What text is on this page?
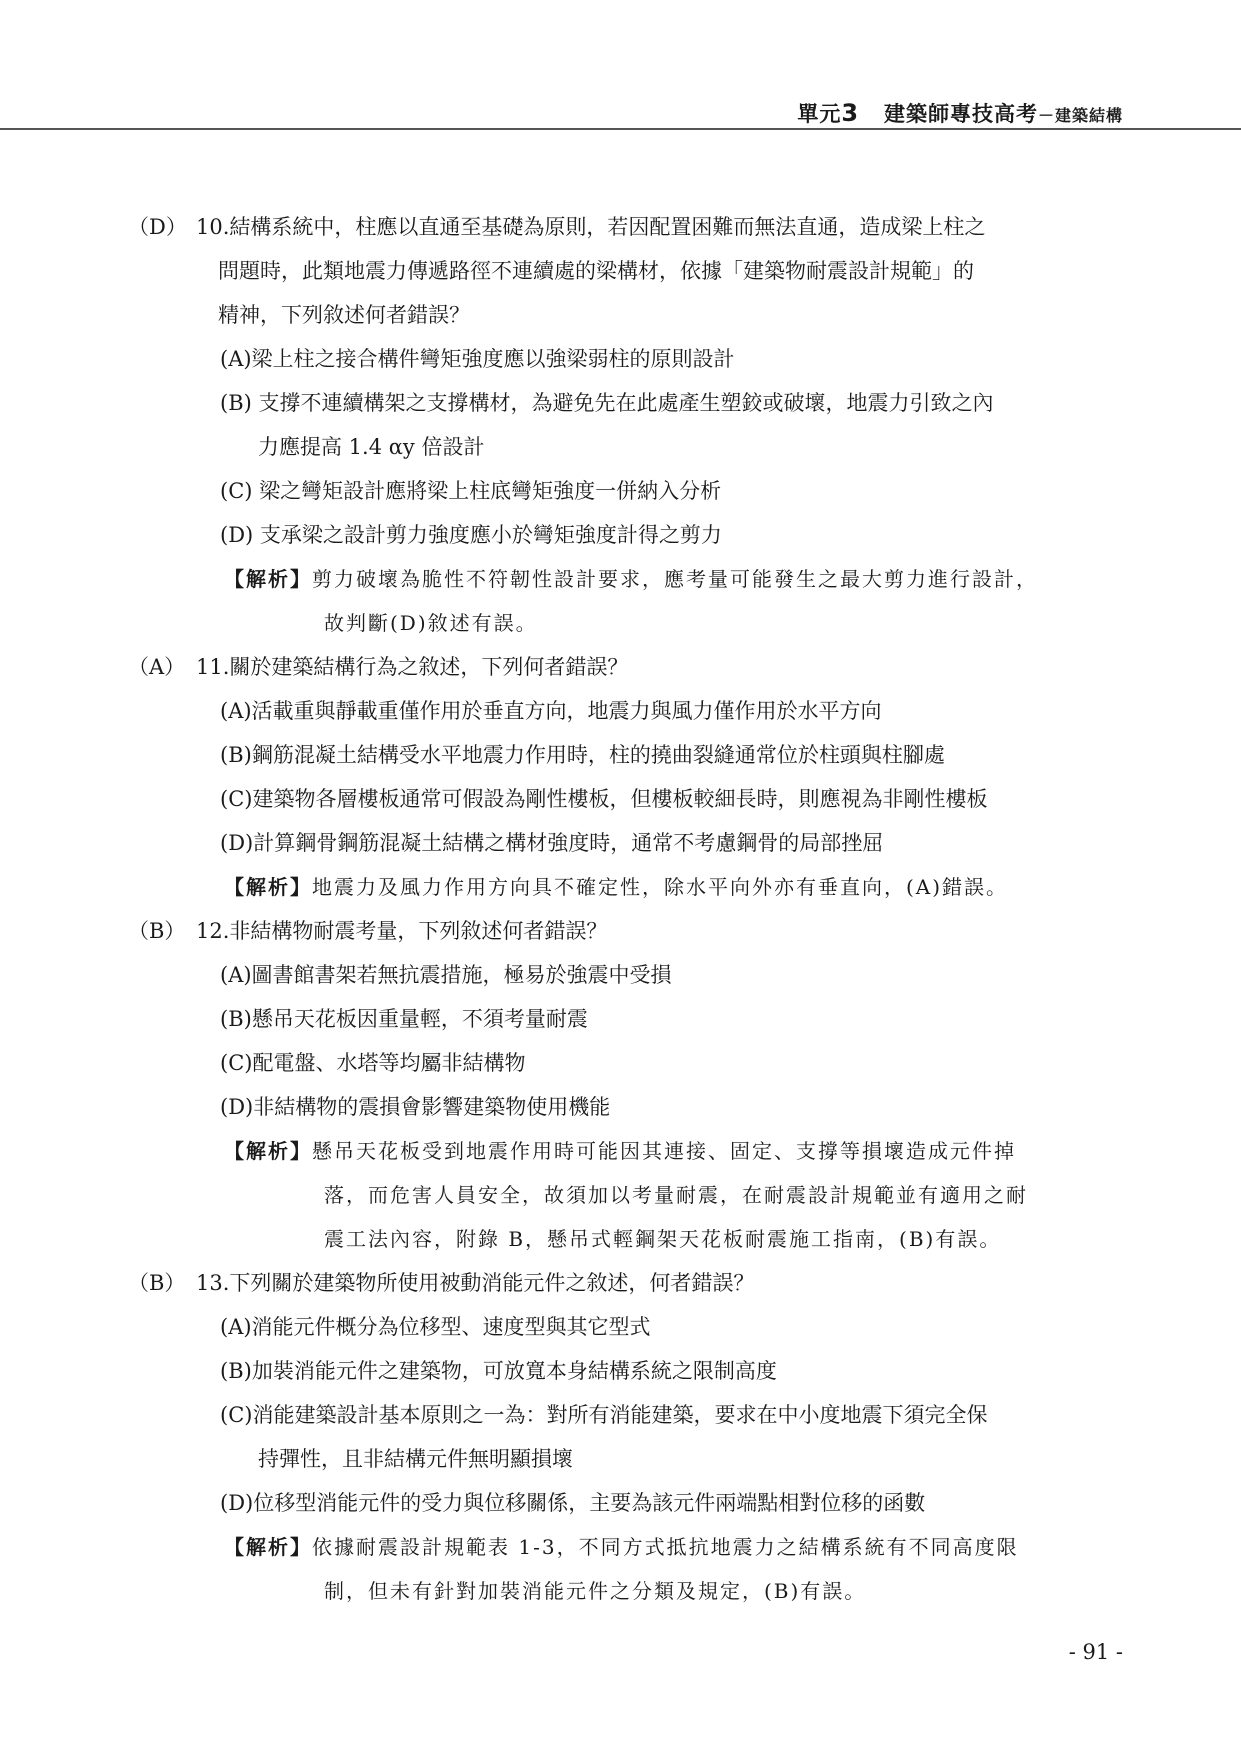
單元3 建築師專技高考－建築結構
（D） 10. 結構系統中，柱應以直通至基礎為原則，若因配置困難而無法直通，造成梁上柱之
問題時，此類地震力傳遞路徑不連續處的梁構材，依據「建築物耐震設計規範」的
精神，下列敘述何者錯誤？
(A)梁上柱之接合構件彎矩強度應以強梁弱柱的原則設計
(B) 支撐不連續構架之支撐構材，為避免先在此處產生塑鉸或破壞，地震力引致之內
力應提高 1.4 αy 倍設計
(C) 梁之彎矩設計應將梁上柱底彎矩強度一併納入分析
(D) 支承梁之設計剪力強度應小於彎矩強度計得之剪力
【解析】剪力破壞為脆性不符韌性設計要求，應考量可能發生之最大剪力進行設計，
故判斷(D)敘述有誤。
（A） 11. 關於建築結構行為之敘述，下列何者錯誤？
(A)活載重與靜載重僅作用於垂直方向，地震力與風力僅作用於水平方向
(B)鋼筋混凝土結構受水平地震力作用時，柱的撓曲裂縫通常位於柱頭與柱腳處
(C)建築物各層樓板通常可假設為剛性樓板，但樓板較細長時，則應視為非剛性樓板
(D)計算鋼骨鋼筋混凝土結構之構材強度時，通常不考慮鋼骨的局部挫屈
【解析】地震力及風力作用方向具不確定性，除水平向外亦有垂直向，(A)錯誤。
（B） 12. 非結構物耐震考量，下列敘述何者錯誤？
(A)圖書館書架若無抗震措施，極易於強震中受損
(B)懸吊天花板因重量輕，不須考量耐震
(C)配電盤、水塔等均屬非結構物
(D)非結構物的震損會影響建築物使用機能
【解析】懸吊天花板受到地震作用時可能因其連接、固定、支撐等損壞造成元件掉
落，而危害人員安全，故須加以考量耐震，在耐震設計規範並有適用之耐
震工法內容，附錄 B，懸吊式輕鋼架天花板耐震施工指南，(B)有誤。
（B） 13. 下列關於建築物所使用被動消能元件之敘述，何者錯誤？
(A)消能元件概分為位移型、速度型與其它型式
(B)加裝消能元件之建築物，可放寬本身結構系統之限制高度
(C)消能建築設計基本原則之一為：對所有消能建築，要求在中小度地震下須完全保
持彈性，且非結構元件無明顯損壞
(D)位移型消能元件的受力與位移關係，主要為該元件兩端點相對位移的函數
【解析】依據耐震設計規範表 1-3，不同方式抵抗地震力之結構系統有不同高度限
制，但未有針對加裝消能元件之分類及規定，(B)有誤。
- 91 -
